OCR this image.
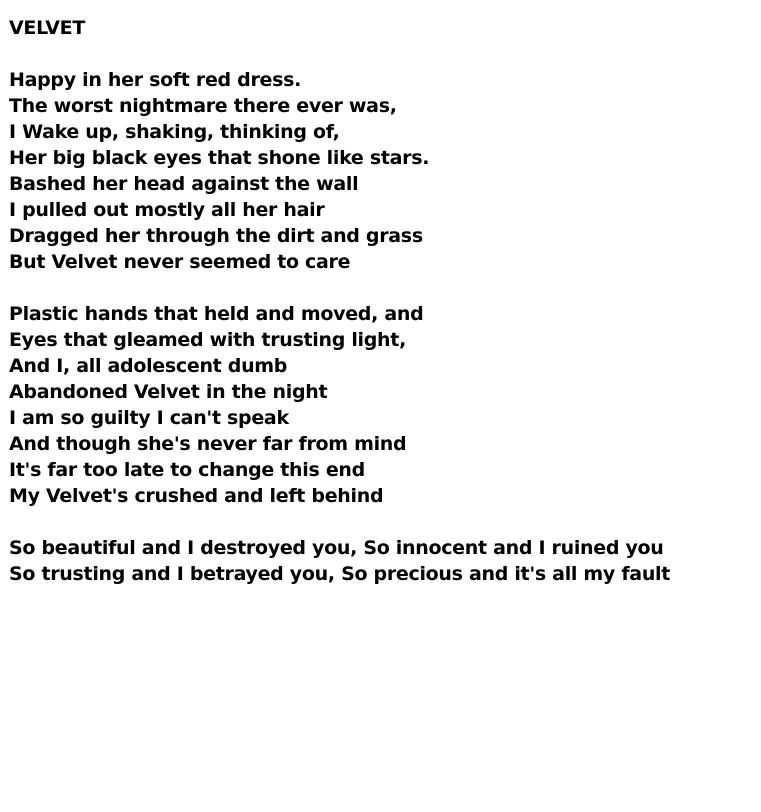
VELVET
Happy in her soft red dress.
The worst nightmare there ever was,
I Wake up, shaking, thinking of,
Her big black eyes that shone like stars.
Bashed her head against the wall
I pulled out mostly all her hair
Dragged her through the dirt and grass
But Velvet never seemed to care
Plastic hands that held and moved, and
Eyes that gleamed with trusting light,
And I, all adolescent dumb
Abandoned Velvet in the night
I am so guilty I can't speak
And though she's never far from mind
It's far too late to change this end
My Velvet's crushed and left behind
So beautiful and I destroyed you, So innocent and I ruined you
So trusting and I betrayed you, So precious and it's all my fault
